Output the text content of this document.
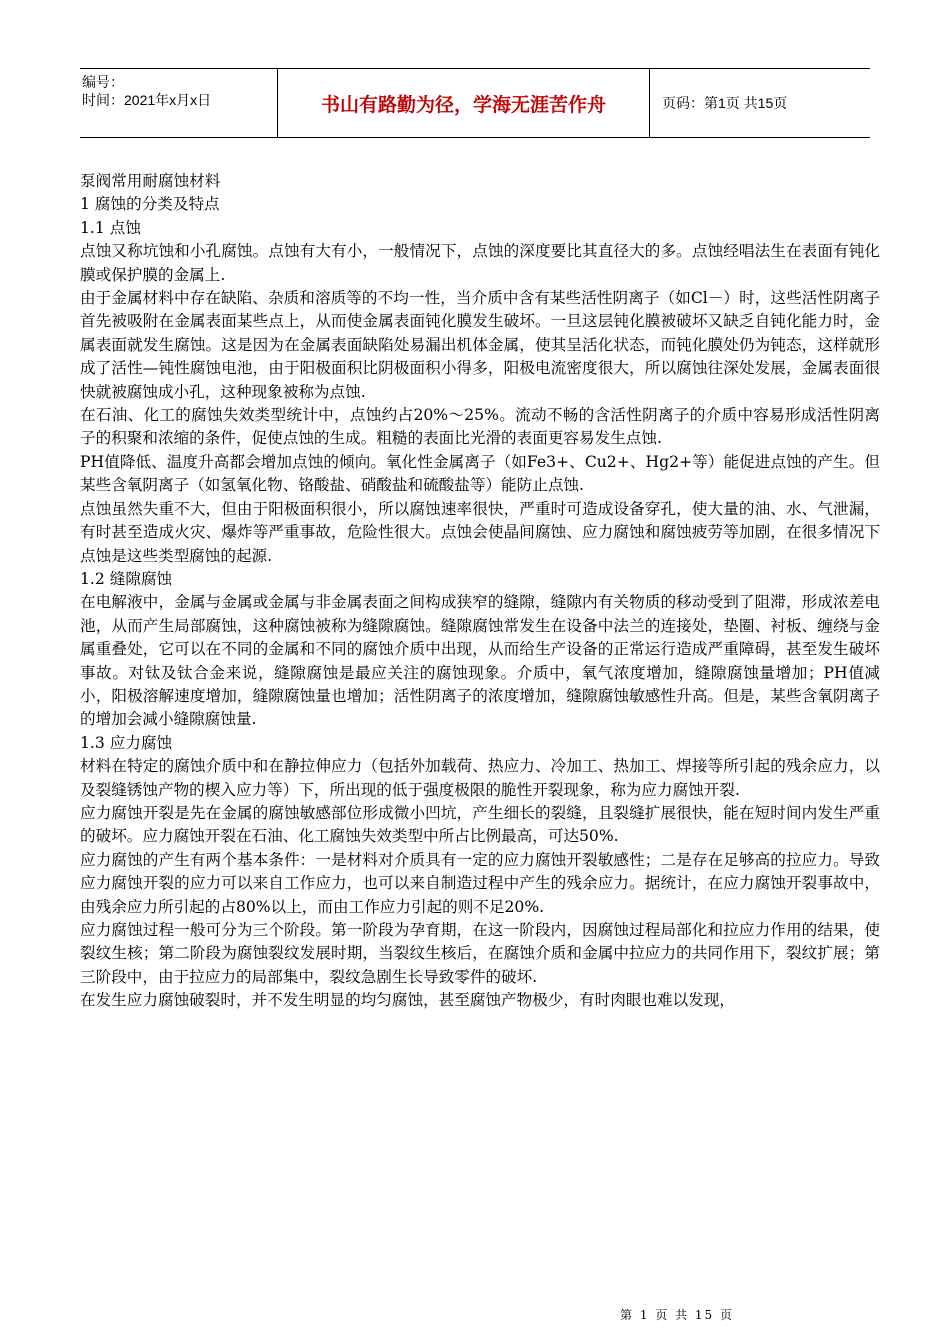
编号：
时间：2021年x月x日	书山有路勤为径，学海无涯苦作舟	页码：第1页 共15页

泵阀常用耐腐蚀材料

1 腐蚀的分类及特点

1.1 点蚀

点蚀又称坑蚀和小孔腐蚀。点蚀有大有小，一般情况下，点蚀的深度要比其直径大的多。点蚀经唱法生在表面有钝化膜或保护膜的金属上.

由于金属材料中存在缺陷、杂质和溶质等的不均一性，当介质中含有某些活性阴离子（如Cl－）时，这些活性阴离子首先被吸附在金属表面某些点上，从而使金属表面钝化膜发生破坏。一旦这层钝化膜被破坏又缺乏自钝化能力时，金属表面就发生腐蚀。这是因为在金属表面缺陷处易漏出机体金属，使其呈活化状态，而钝化膜处仍为钝态，这样就形成了活性—钝性腐蚀电池，由于阳极面积比阴极面积小得多，阳极电流密度很大，所以腐蚀往深处发展，金属表面很快就被腐蚀成小孔，这种现象被称为点蚀.

在石油、化工的腐蚀失效类型统计中，点蚀约占20%～25%。流动不畅的含活性阴离子的介质中容易形成活性阴离子的积聚和浓缩的条件，促使点蚀的生成。粗糙的表面比光滑的表面更容易发生点蚀.

PH值降低、温度升高都会增加点蚀的倾向。氧化性金属离子（如Fe3+、Cu2+、Hg2+等）能促进点蚀的产生。但某些含氧阴离子（如氢氧化物、铬酸盐、硝酸盐和硫酸盐等）能防止点蚀.

点蚀虽然失重不大，但由于阳极面积很小，所以腐蚀速率很快，严重时可造成设备穿孔，使大量的油、水、气泄漏，有时甚至造成火灾、爆炸等严重事故，危险性很大。点蚀会使晶间腐蚀、应力腐蚀和腐蚀疲劳等加剧，在很多情况下点蚀是这些类型腐蚀的起源.

1.2 缝隙腐蚀

在电解液中，金属与金属或金属与非金属表面之间构成狭窄的缝隙，缝隙内有关物质的移动受到了阻滞，形成浓差电池，从而产生局部腐蚀，这种腐蚀被称为缝隙腐蚀。缝隙腐蚀常发生在设备中法兰的连接处，垫圈、衬板、缠绕与金属重叠处，它可以在不同的金属和不同的腐蚀介质中出现，从而给生产设备的正常运行造成严重障碍，甚至发生破坏事故。对钛及钛合金来说，缝隙腐蚀是最应关注的腐蚀现象。介质中，氧气浓度增加，缝隙腐蚀量增加；PH值减小，阳极溶解速度增加，缝隙腐蚀量也增加；活性阴离子的浓度增加，缝隙腐蚀敏感性升高。但是，某些含氧阴离子的增加会减小缝隙腐蚀量.

1.3 应力腐蚀

材料在特定的腐蚀介质中和在静拉伸应力（包括外加载荷、热应力、冷加工、热加工、焊接等所引起的残余应力，以及裂缝锈蚀产物的楔入应力等）下，所出现的低于强度极限的脆性开裂现象，称为应力腐蚀开裂.

应力腐蚀开裂是先在金属的腐蚀敏感部位形成微小凹坑，产生细长的裂缝，且裂缝扩展很快，能在短时间内发生严重的破坏。应力腐蚀开裂在石油、化工腐蚀失效类型中所占比例最高，可达50%.

应力腐蚀的产生有两个基本条件：一是材料对介质具有一定的应力腐蚀开裂敏感性；二是存在足够高的拉应力。导致应力腐蚀开裂的应力可以来自工作应力，也可以来自制造过程中产生的残余应力。据统计，在应力腐蚀开裂事故中，由残余应力所引起的占80%以上，而由工作应力引起的则不足20%.

应力腐蚀过程一般可分为三个阶段。第一阶段为孕育期，在这一阶段内，因腐蚀过程局部化和拉应力作用的结果，使裂纹生核；第二阶段为腐蚀裂纹发展时期，当裂纹生核后，在腐蚀介质和金属中拉应力的共同作用下，裂纹扩展；第三阶段中，由于拉应力的局部集中，裂纹急剧生长导致零件的破坏.

在发生应力腐蚀破裂时，并不发生明显的均匀腐蚀，甚至腐蚀产物极少，有时肉眼也难以发现，

第 1 页 共 15 页
